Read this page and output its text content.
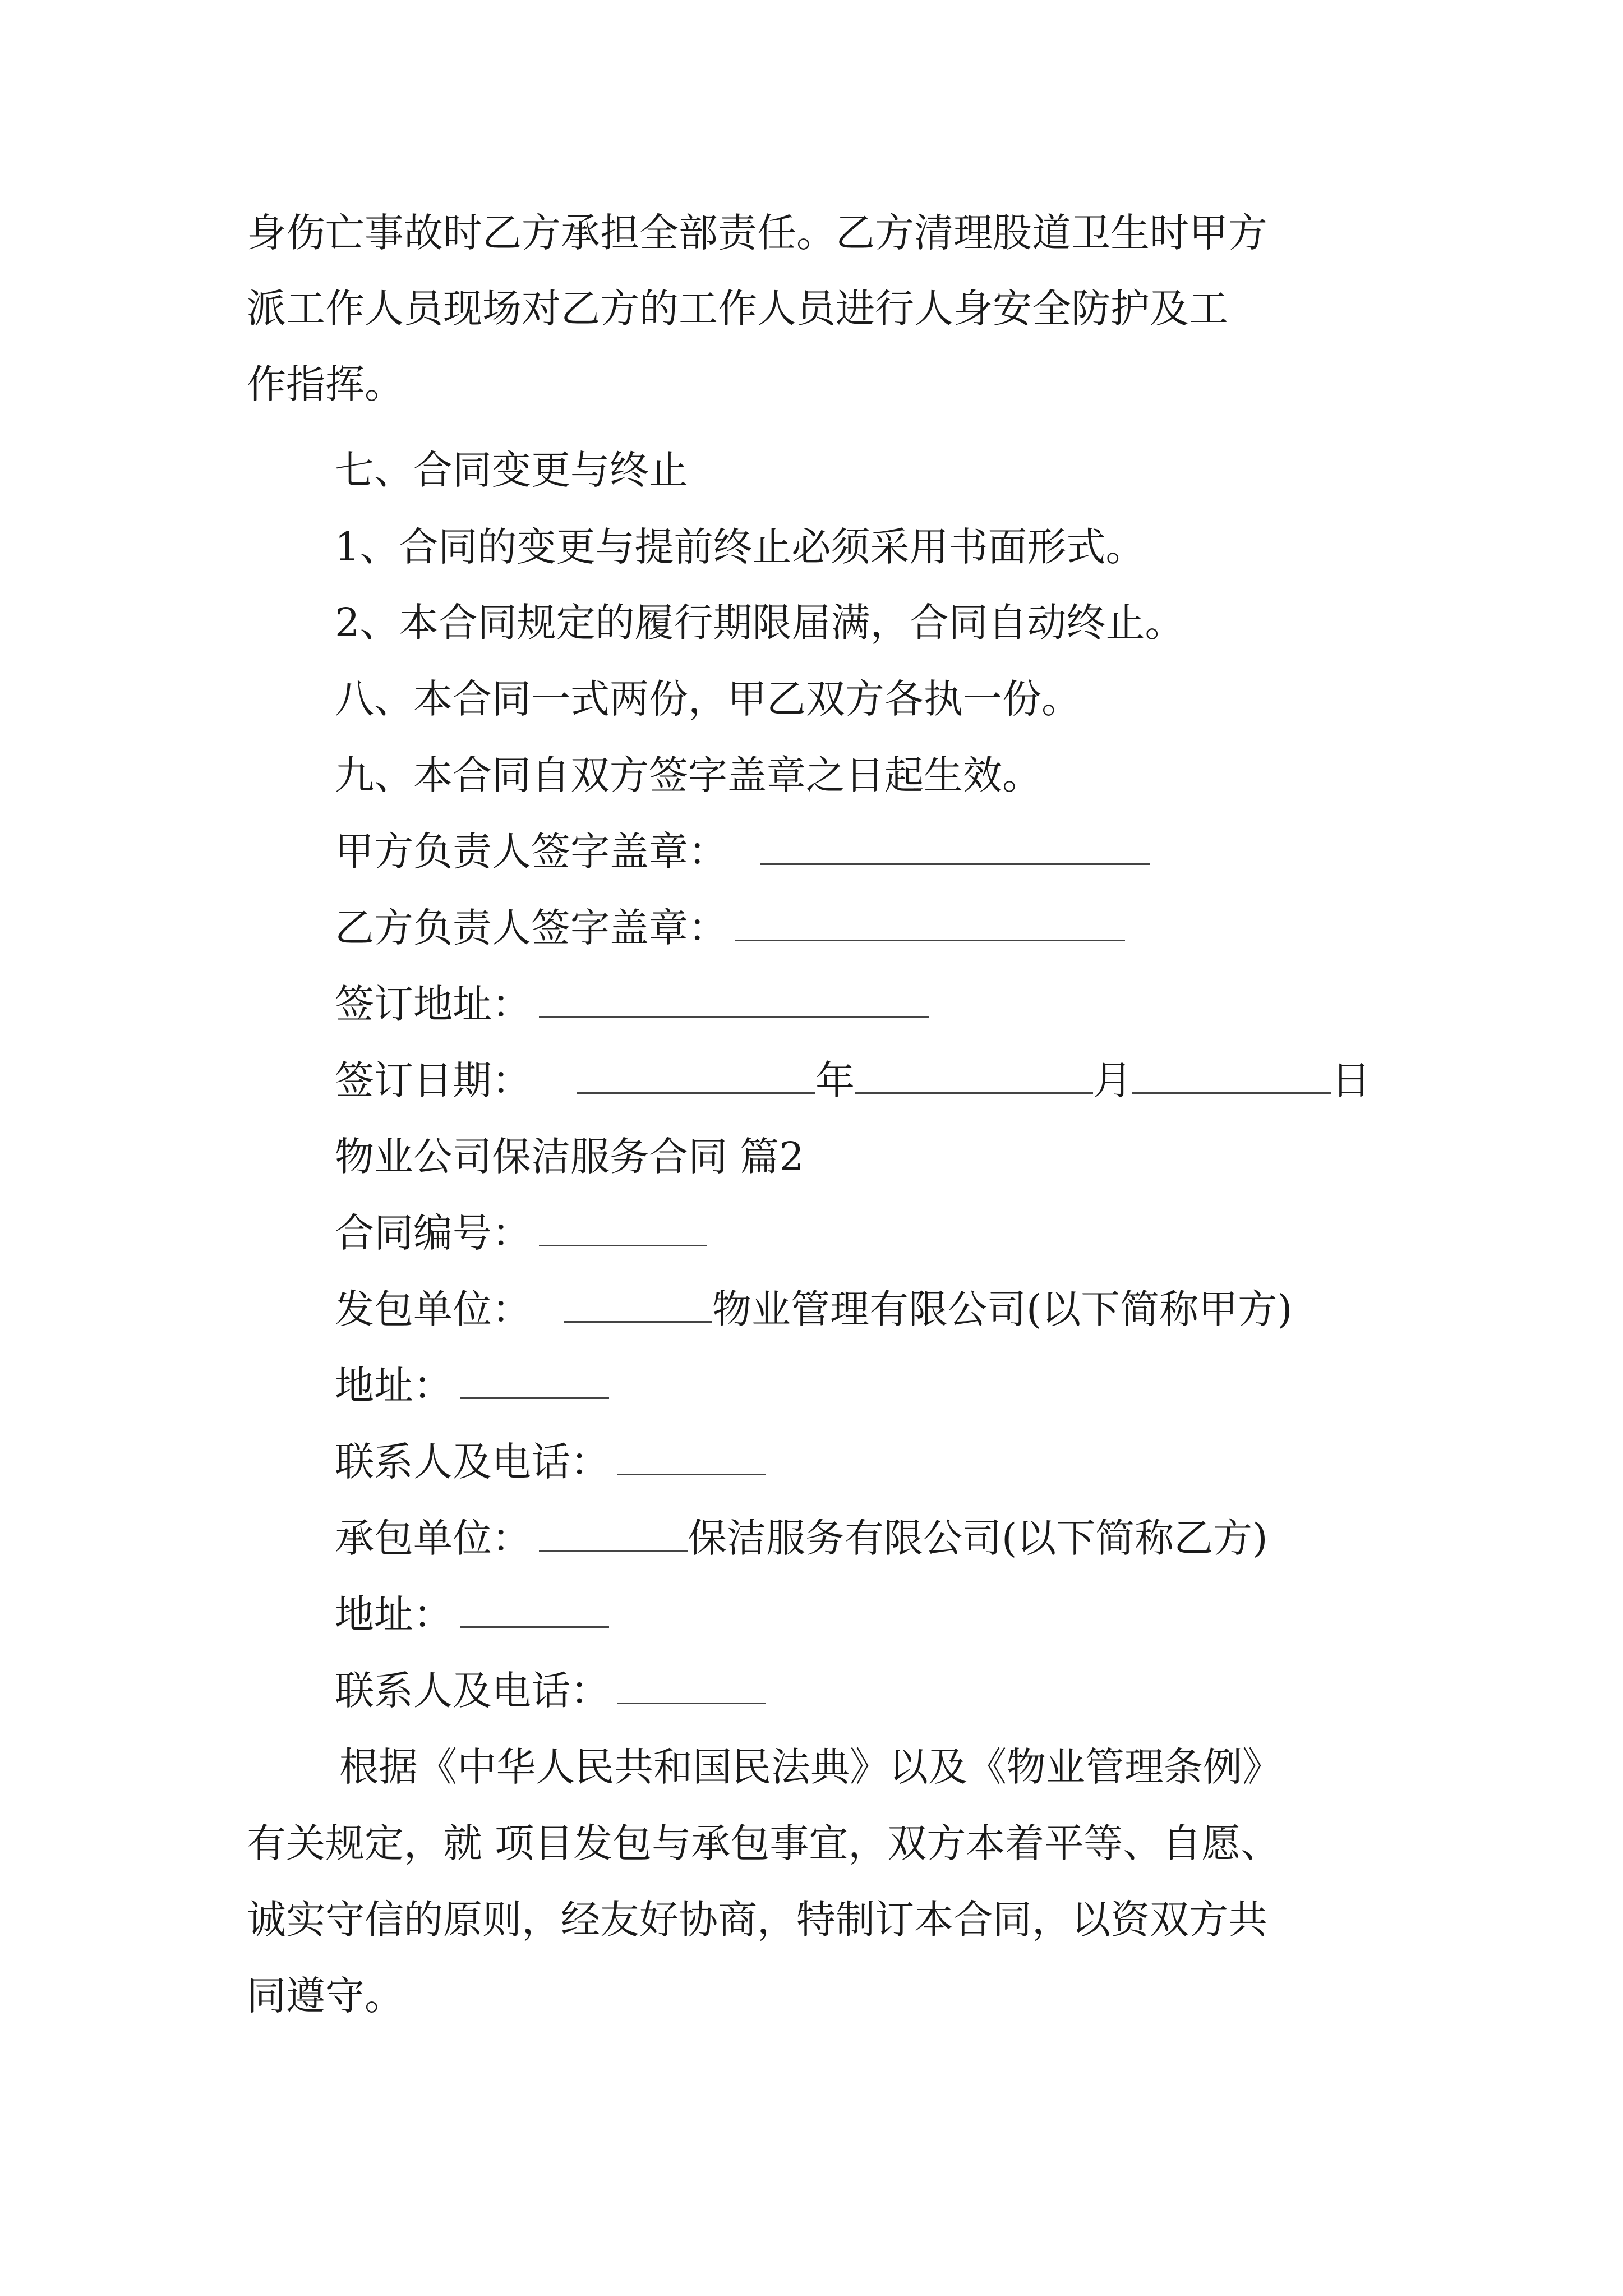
身伤亡事故时乙方承担全部责任。乙方清理股道卫生时甲方
派工作人员现场对乙方的工作人员进行人身安全防护及工
作指挥。
七、合同变更与终止
1、合同的变更与提前终止必须采用书面形式。
2、本合同规定的履行期限届满，合同自动终止。
八、本合同一式两份，甲乙双方各执一份。
九、本合同自双方签字盖章之日起生效。
甲方负责人签字盖章：
乙方负责人签字盖章：
签订地址：
签订日期：	年	月	日
物业公司保洁服务合同 篇2
合同编号：
发包单位：	物业管理有限公司(以下简称甲方)
地址：
联系人及电话：
承包单位：	保洁服务有限公司(以下简称乙方)
地址：
联系人及电话：
根据《中华人民共和国民法典》以及《物业管理条例》
有关规定，就 项目发包与承包事宜，双方本着平等、自愿、
诚实守信的原则，经友好协商，特制订本合同，以资双方共
同遵守。
